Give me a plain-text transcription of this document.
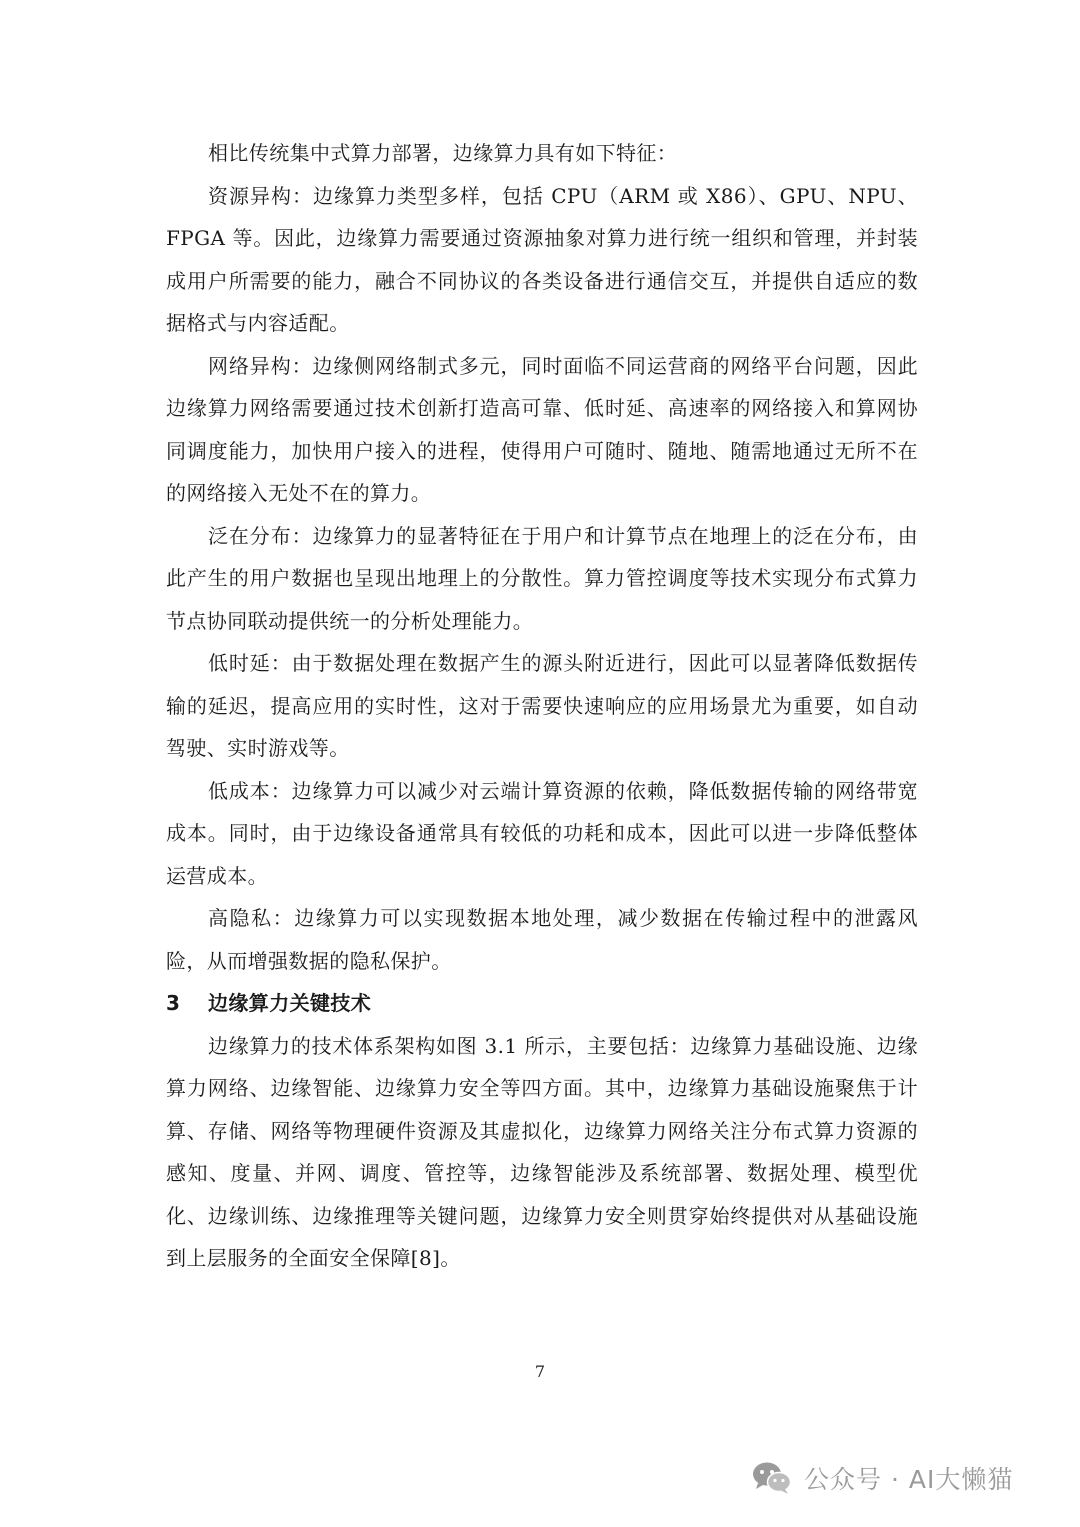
相比传统集中式算力部署，边缘算力具有如下特征：

资源异构：边缘算力类型多样，包括 CPU（ARM 或 X86）、GPU、NPU、FPGA 等。因此，边缘算力需要通过资源抽象对算力进行统一组织和管理，并封装成用户所需要的能力，融合不同协议的各类设备进行通信交互，并提供自适应的数据格式与内容适配。

网络异构：边缘侧网络制式多元，同时面临不同运营商的网络平台问题，因此边缘算力网络需要通过技术创新打造高可靠、低时延、高速率的网络接入和算网协同调度能力，加快用户接入的进程，使得用户可随时、随地、随需地通过无所不在的网络接入无处不在的算力。

泛在分布：边缘算力的显著特征在于用户和计算节点在地理上的泛在分布，由此产生的用户数据也呈现出地理上的分散性。算力管控调度等技术实现分布式算力节点协同联动提供统一的分析处理能力。

低时延：由于数据处理在数据产生的源头附近进行，因此可以显著降低数据传输的延迟，提高应用的实时性，这对于需要快速响应的应用场景尤为重要，如自动驾驶、实时游戏等。

低成本：边缘算力可以减少对云端计算资源的依赖，降低数据传输的网络带宽成本。同时，由于边缘设备通常具有较低的功耗和成本，因此可以进一步降低整体运营成本。

高隐私：边缘算力可以实现数据本地处理，减少数据在传输过程中的泄露风险，从而增强数据的隐私保护。

3 边缘算力关键技术

边缘算力的技术体系架构如图 3.1 所示，主要包括：边缘算力基础设施、边缘算力网络、边缘智能、边缘算力安全等四方面。其中，边缘算力基础设施聚焦于计算、存储、网络等物理硬件资源及其虚拟化，边缘算力网络关注分布式算力资源的感知、度量、并网、调度、管控等，边缘智能涉及系统部署、数据处理、模型优化、边缘训练、边缘推理等关键问题，边缘算力安全则贯穿始终提供对从基础设施到上层服务的全面安全保障[8]。

7
公众号 · AI大懒猫
